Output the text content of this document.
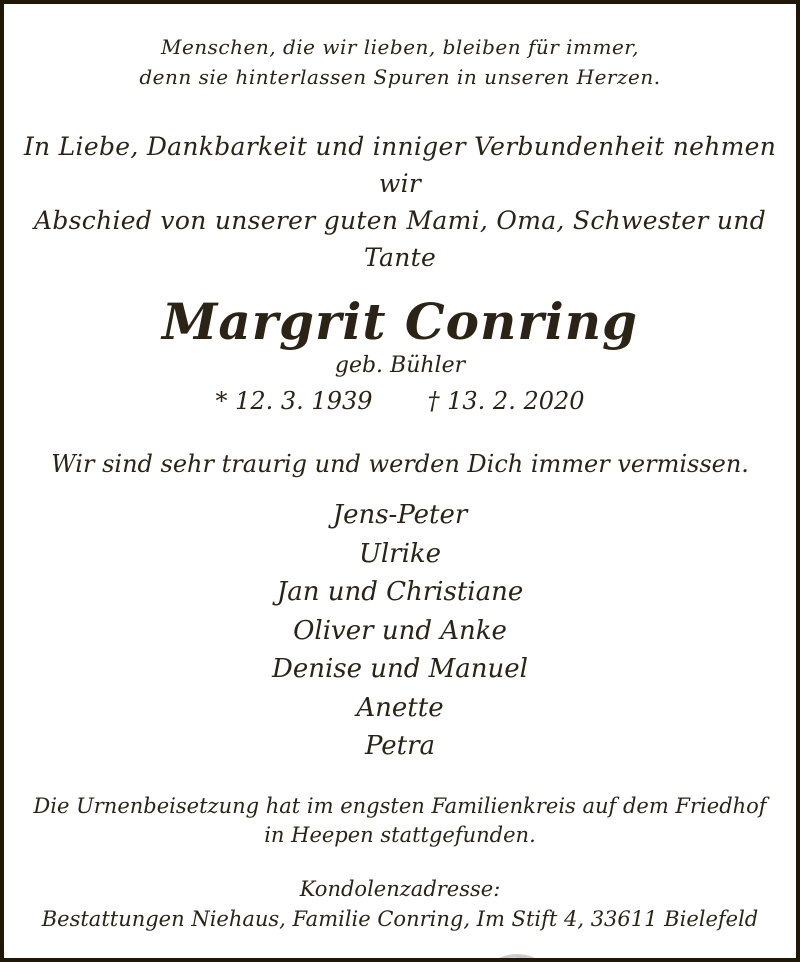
Menschen, die wir lieben, bleiben für immer,
denn sie hinterlassen Spuren in unseren Herzen.
In Liebe, Dankbarkeit und inniger Verbundenheit nehmen wir
Abschied von unserer guten Mami, Oma, Schwester und Tante
Margrit Conring
geb. Bühler
* 12. 3. 1939 † 13. 2. 2020
Wir sind sehr traurig und werden Dich immer vermissen.
Jens-Peter
Ulrike
Jan und Christiane
Oliver und Anke
Denise und Manuel
Anette
Petra
Die Urnenbeisetzung hat im engsten Familienkreis auf dem Friedhof
in Heepen stattgefunden.
Kondolenzadresse:
Bestattungen Niehaus, Familie Conring, Im Stift 4, 33611 Bielefeld
